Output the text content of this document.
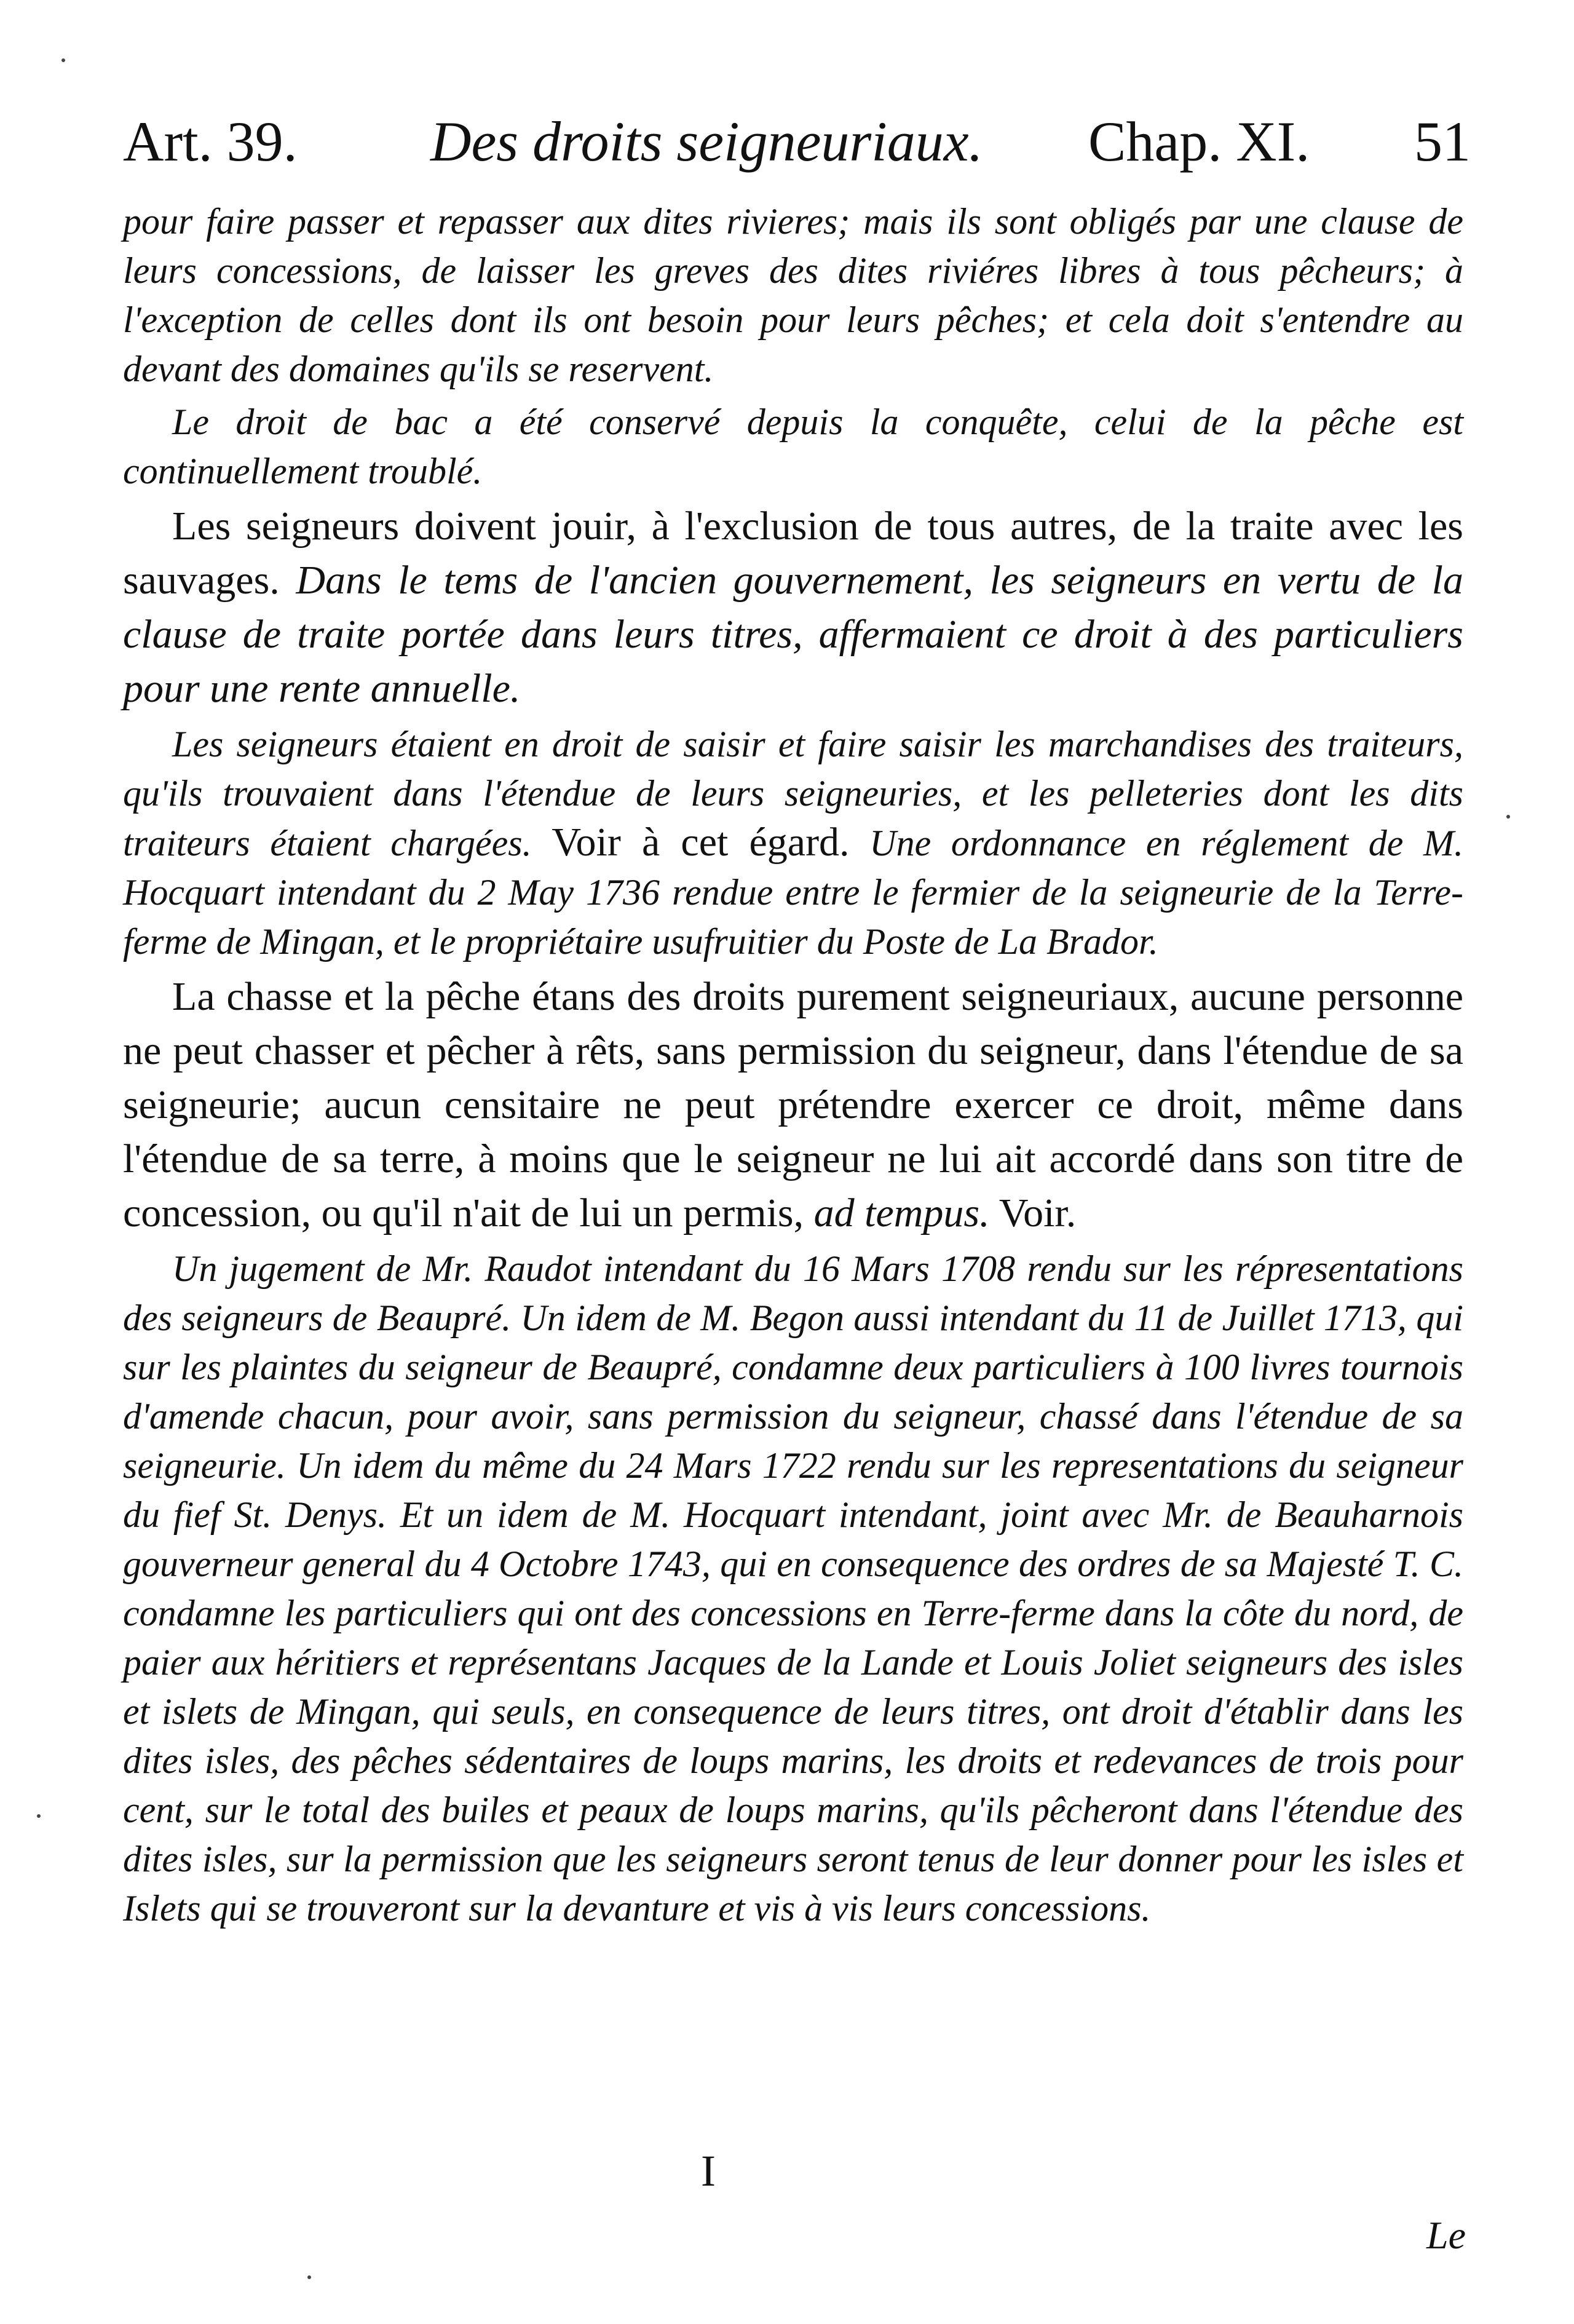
Art. 39. Des droits seigneuriaux. Chap. XI. 51

pour faire passer et repasser aux dites rivieres; mais ils sont obligés par une clause de leurs concessions, de laisser les greves des dites riviéres libres à tous pêcheurs; à l'exception de celles dont ils ont besoin pour leurs pêches; et cela doit s'entendre au devant des domaines qu'ils se reservent.

Le droit de bac a été conservé depuis la conquête, celui de la pêche est continuellement troublé.

Les seigneurs doivent jouir, à l'exclusion de tous autres, de la traite avec les sauvages. Dans le tems de l'ancien gouvernement, les seigneurs en vertu de la clause de traite portée dans leurs titres, affermaient ce droit à des particuliers pour une rente annuelle.

Les seigneurs étaient en droit de saisir et faire saisir les marchandises des traiteurs, qu'ils trouvaient dans l'étendue de leurs seigneuries, et les pelleteries dont les dits traiteurs étaient chargées. Voir à cet égard. Une ordonnance en réglement de M. Hocquart intendant du 2 May 1736 rendue entre le fermier de la seigneurie de la Terre-ferme de Mingan, et le propriétaire usufruitier du Poste de La Brador.

La chasse et la pêche étans des droits purement seigneuriaux, aucune personne ne peut chasser et pêcher à rêts, sans permission du seigneur, dans l'étendue de sa seigneurie; aucun censitaire ne peut prétendre exercer ce droit, même dans l'étendue de sa terre, à moins que le seigneur ne lui ait accordé dans son titre de concession, ou qu'il n'ait de lui un permis, ad tempus. Voir.

Un jugement de Mr. Raudot intendant du 16 Mars 1708 rendu sur les répresentations des seigneurs de Beaupré. Un idem de M. Begon aussi intendant du 11 de Juillet 1713, qui sur les plaintes du seigneur de Beaupré, condamne deux particuliers à 100 livres tournois d'amende chacun, pour avoir, sans permission du seigneur, chassé dans l'étendue de sa seigneurie. Un idem du même du 24 Mars 1722 rendu sur les representations du seigneur du fief St. Denys. Et un idem de M. Hocquart intendant, joint avec Mr. de Beauharnois gouverneur general du 4 Octobre 1743, qui en consequence des ordres de sa Majesté T. C. condamne les particuliers qui ont des concessions en Terre-ferme dans la côte du nord, de paier aux héritiers et représentans Jacques de la Lande et Louis Joliet seigneurs des isles et islets de Mingan, qui seuls, en consequence de leurs titres, ont droit d'établir dans les dites isles, des pêches sédentaires de loups marins, les droits et redevances de trois pour cent, sur le total des builes et peaux de loups marins, qu'ils pêcheront dans l'étendue des dites isles, sur la permission que les seigneurs seront tenus de leur donner pour les isles et Islets qui se trouveront sur la devanture et vis à vis leurs concessions.

I
Le
